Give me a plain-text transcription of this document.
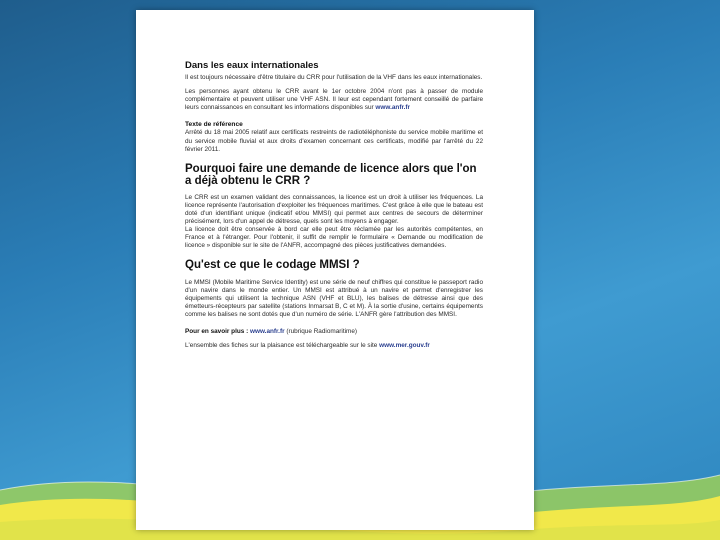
Dans les eaux internationales

Il est toujours nécessaire d'être titulaire du CRR pour l'utilisation de la VHF dans les eaux internationales.

Les personnes ayant obtenu le CRR avant le 1er octobre 2004 n'ont pas à passer de module complémentaire et peuvent utiliser une VHF ASN. Il leur est cependant fortement conseillé de parfaire leurs connaissances en consultant les informations disponibles sur www.anfr.fr

Texte de référence

Arrêté du 18 mai 2005 relatif aux certificats restreints de radiotéléphoniste du service mobile maritime et du service mobile fluvial et aux droits d'examen concernant ces certificats, modifié par l'arrêté du 22 février 2011.

Pourquoi faire une demande de licence alors que l'on a déjà obtenu le CRR ?

Le CRR est un examen validant des connaissances, la licence est un droit à utiliser les fréquences. La licence représente l'autorisation d'exploiter les fréquences maritimes. C'est grâce à elle que le bateau est doté d'un identifiant unique (indicatif et/ou MMSI) qui permet aux centres de secours de déterminer précisément, lors d'un appel de détresse, quels sont les moyens à engager.

La licence doit être conservée à bord car elle peut être réclamée par les autorités compétentes, en France et à l'étranger. Pour l'obtenir, il suffit de remplir le formulaire « Demande ou modification de licence » disponible sur le site de l'ANFR, accompagné des pièces justificatives demandées.

Qu'est ce que le codage MMSI ?

Le MMSI (Mobile Maritime Service Identity) est une série de neuf chiffres qui constitue le passeport radio d'un navire dans le monde entier. Un MMSI est attribué à un navire et permet d'enregistrer les équipements qui utilisent la technique ASN (VHF et BLU), les balises de détresse ainsi que des émetteurs-récepteurs par satellite (stations Inmarsat B, C et M). À la sortie d'usine, certains équipements comme les balises ne sont dotés que d'un numéro de série. L'ANFR gère l'attribution des MMSI.

Pour en savoir plus : www.anfr.fr (rubrique Radiomaritime)

L'ensemble des fiches sur la plaisance est téléchargeable sur le site www.mer.gouv.fr
